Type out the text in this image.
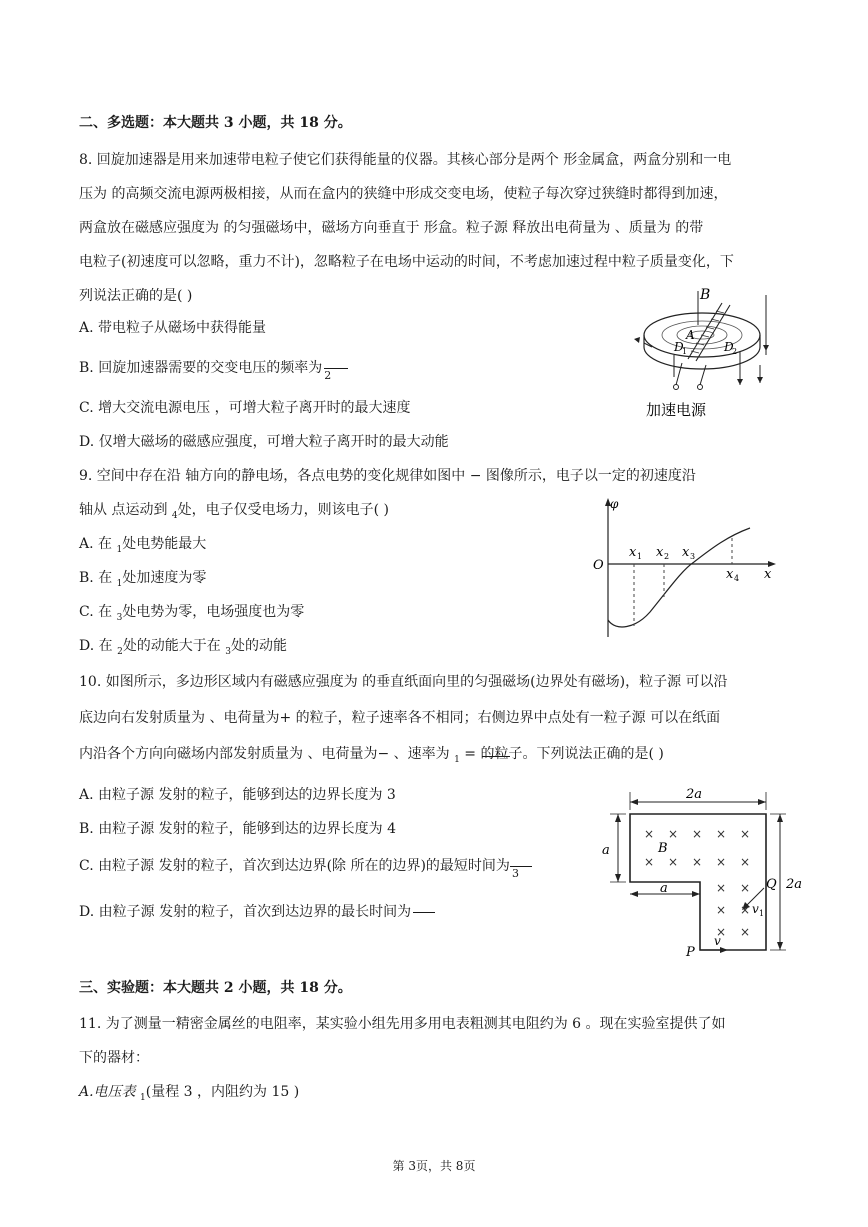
二、多选题：本大题共 3 小题，共 18 分。
8. 回旋加速器是用来加速带电粒子使它们获得能量的仪器。其核心部分是两个 形金属盒，两盒分别和一电
压为 的高频交流电源两极相接，从而在盒内的狭缝中形成交变电场，使粒子每次穿过狭缝时都得到加速，
两盒放在磁感应强度为 的匀强磁场中，磁场方向垂直于 形盒。粒子源 释放出电荷量为 、质量为 的带
电粒子(初速度可以忽略，重力不计)，忽略粒子在电场中运动的时间，不考虑加速过程中粒子质量变化，下
列说法正确的是( )
A. 带电粒子从磁场中获得能量
B. 回旋加速器需要的交变电压的频率为 2
C. 增大交流电源电压 ，可增大粒子离开时的最大速度
D. 仅增大磁场的磁感应强度，可增大粒子离开时的最大动能
B
A
D
1	D
2
加速电源
9. 空间中存在沿 轴方向的静电场，各点电势的变化规律如图中 − 图像所示，电子以一定的初速度沿
轴从 点运动到 $_4$处，电子仅受电场力，则该电子( )
A. 在 $_1$处电势能最大
B. 在 $_1$处加速度为零
C. 在 $_3$处电势为零，电场强度也为零
D. 在 $_2$处的动能大于在 $_3$处的动能
φ
O
x
x 1 x 2 x 3
x 4
10. 如图所示，多边形区域内有磁感应强度为 的垂直纸面向里的匀强磁场(边界处有磁场)，粒子源 可以沿
底边向右发射质量为 、电荷量为+ 的粒子，粒子速率各不相同；右侧边界中点处有一粒子源 可以在纸面
内沿各个方向向磁场内部发射质量为 、电荷量为− 、速率为 $_1$ = 的粒子。下列说法正确的是( )
A. 由粒子源 发射的粒子，能够到达的边界长度为 3
B. 由粒子源 发射的粒子，能够到达的边界长度为 4
C. 由粒子源 发射的粒子，首次到达边界(除 所在的边界)的最短时间为 3
D. 由粒子源 发射的粒子，首次到达边界的最长时间为
× × × × ×
× × × × ×
× ×
× ×
× ×
2a
a
a	2a
B
Q
P
v
v 1
三、实验题：本大题共 2 小题，共 18 分。
11. 为了测量一精密金属丝的电阻率，某实验小组先用多用电表粗测其电阻约为 6 。现在实验室提供了如
下的器材：
A.电压表 $_1$(量程 3 ，内阻约为 15 )
第 3页，共 8页
